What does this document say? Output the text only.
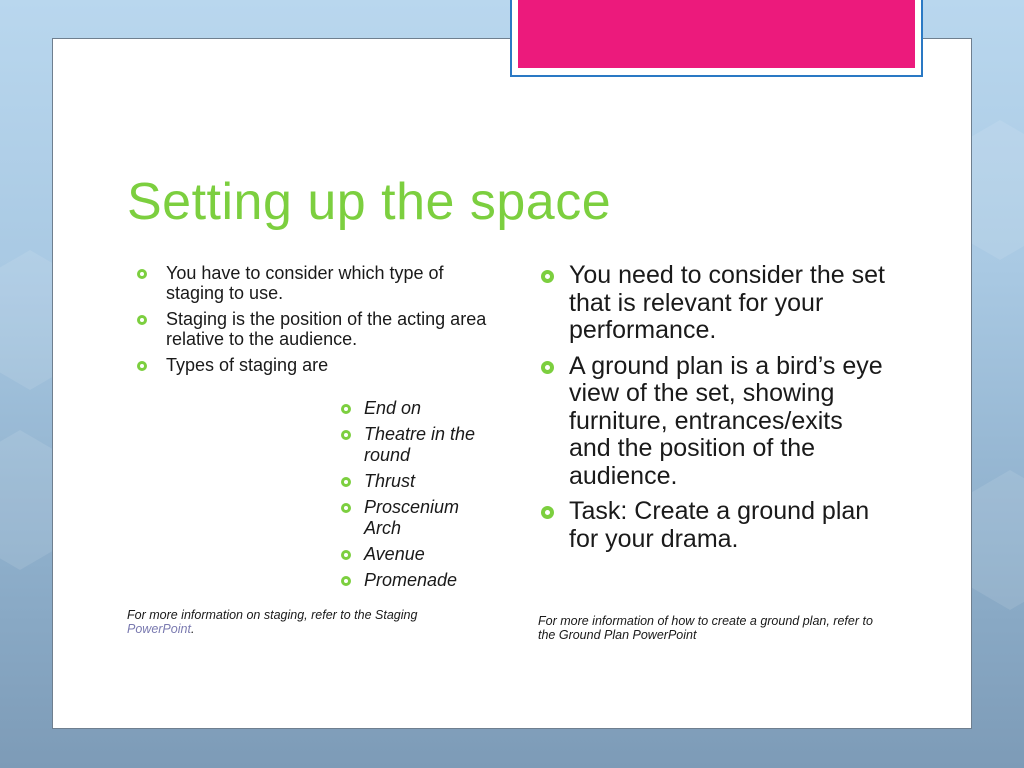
Setting up the space
You have to consider which type of staging to use.
Staging is the position of the acting area relative to the audience.
Types of staging are
End on
Theatre in the round
Thrust
Proscenium Arch
Avenue
Promenade
You need to consider the set that is relevant for your performance.
A ground plan is a bird’s eye view of the set, showing furniture, entrances/exits and the position of the audience.
Task: Create a ground plan for your drama.
For more information on staging, refer to the Staging PowerPoint.
For more information of how to create a ground plan, refer to the Ground Plan PowerPoint
